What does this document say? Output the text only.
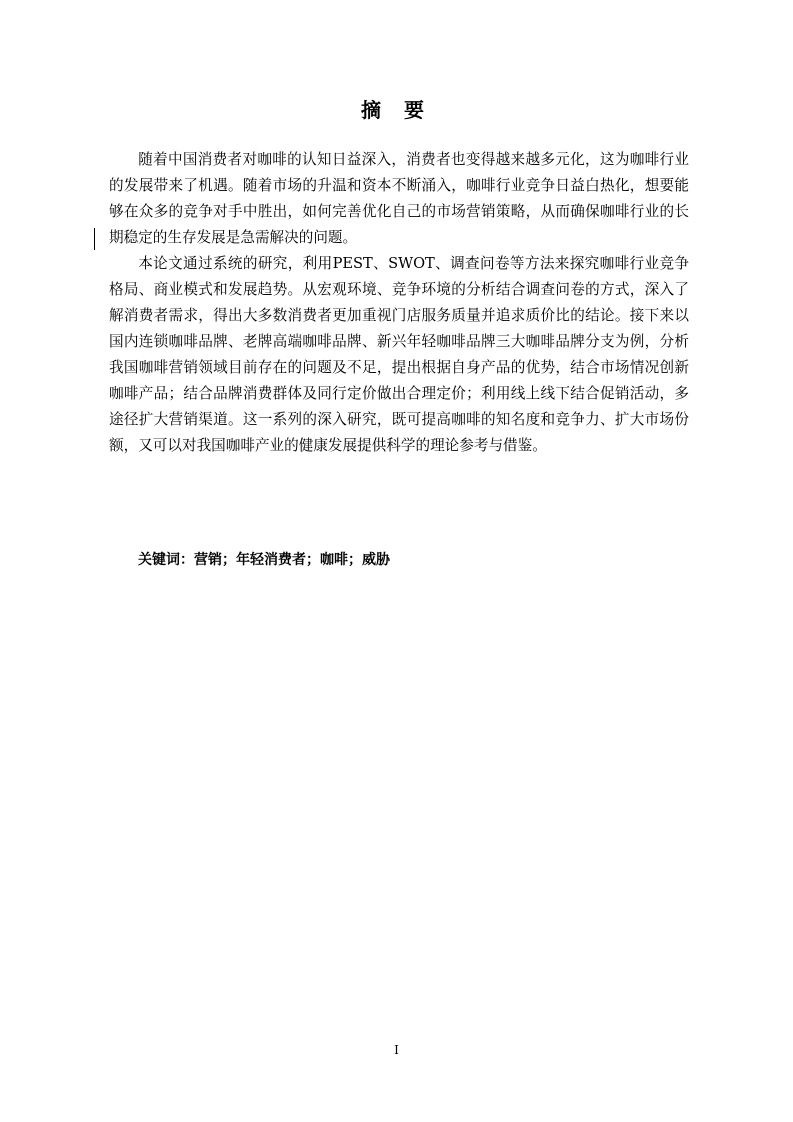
摘 要

随着中国消费者对咖啡的认知日益深入，消费者也变得越来越多元化，这为咖啡行业的发展带来了机遇。随着市场的升温和资本不断涌入，咖啡行业竞争日益白热化，想要能够在众多的竞争对手中胜出，如何完善优化自己的市场营销策略，从而确保咖啡行业的长期稳定的生存发展是急需解决的问题。

本论文通过系统的研究，利用PEST、SWOT、调查问卷等方法来探究咖啡行业竞争格局、商业模式和发展趋势。从宏观环境、竞争环境的分析结合调查问卷的方式，深入了解消费者需求，得出大多数消费者更加重视门店服务质量并追求质价比的结论。接下来以国内连锁咖啡品牌、老牌高端咖啡品牌、新兴年轻咖啡品牌三大咖啡品牌分支为例，分析我国咖啡营销领域目前存在的问题及不足，提出根据自身产品的优势，结合市场情况创新咖啡产品；结合品牌消费群体及同行定价做出合理定价；利用线上线下结合促销活动，多途径扩大营销渠道。这一系列的深入研究，既可提高咖啡的知名度和竞争力、扩大市场份额，又可以对我国咖啡产业的健康发展提供科学的理论参考与借鉴。

关键词：营销；年轻消费者；咖啡；威胁
I
